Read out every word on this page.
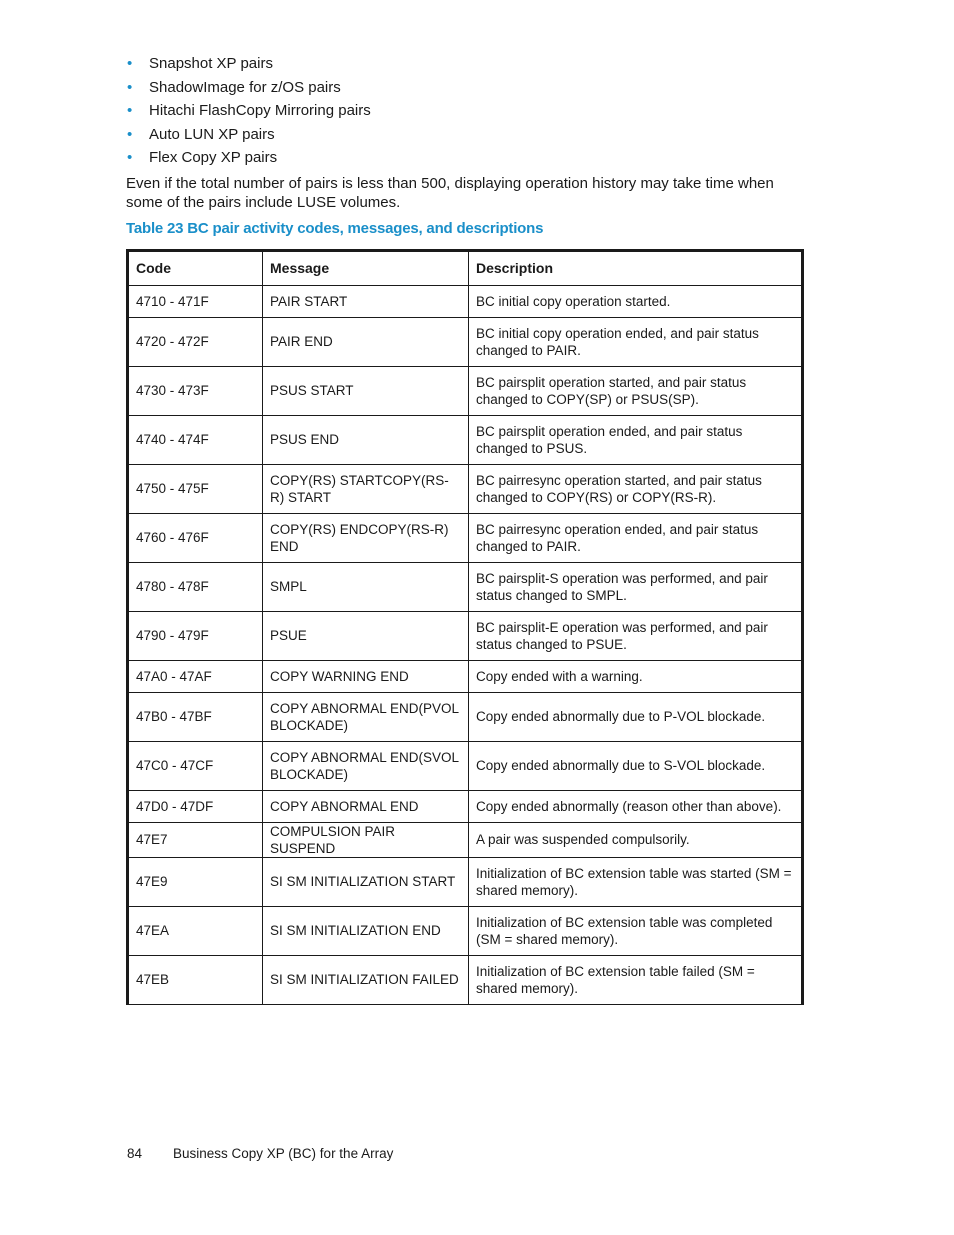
• Snapshot XP pairs
• ShadowImage for z/OS pairs
• Hitachi FlashCopy Mirroring pairs
• Auto LUN XP pairs
• Flex Copy XP pairs

Even if the total number of pairs is less than 500, displaying operation history may take time when some of the pairs include LUSE volumes.

Table 23 BC pair activity codes, messages, and descriptions
Code	Message	Description
4710 - 471F	PAIR START	BC initial copy operation started.
4720 - 472F	PAIR END	BC initial copy operation ended, and pair status changed to PAIR.
4730 - 473F	PSUS START	BC pairsplit operation started, and pair status changed to COPY(SP) or PSUS(SP).
4740 - 474F	PSUS END	BC pairsplit operation ended, and pair status changed to PSUS.
4750 - 475F	COPY(RS) STARTCOPY(RS-R) START	BC pairresync operation started, and pair status changed to COPY(RS) or COPY(RS-R).
4760 - 476F	COPY(RS) ENDCOPY(RS-R) END	BC pairresync operation ended, and pair status changed to PAIR.
4780 - 478F	SMPL	BC pairsplit-S operation was performed, and pair status changed to SMPL.
4790 - 479F	PSUE	BC pairsplit-E operation was performed, and pair status changed to PSUE.
47A0 - 47AF	COPY WARNING END	Copy ended with a warning.
47B0 - 47BF	COPY ABNORMAL END(PVOL BLOCKADE)	Copy ended abnormally due to P-VOL blockade.
47C0 - 47CF	COPY ABNORMAL END(SVOL BLOCKADE)	Copy ended abnormally due to S-VOL blockade.
47D0 - 47DF	COPY ABNORMAL END	Copy ended abnormally (reason other than above).
47E7	COMPULSION PAIR SUSPEND	A pair was suspended compulsorily.
47E9	SI SM INITIALIZATION START	Initialization of BC extension table was started (SM = shared memory).
47EA	SI SM INITIALIZATION END	Initialization of BC extension table was completed (SM = shared memory).
47EB	SI SM INITIALIZATION FAILED	Initialization of BC extension table failed (SM = shared memory).
84 Business Copy XP (BC) for the Array
